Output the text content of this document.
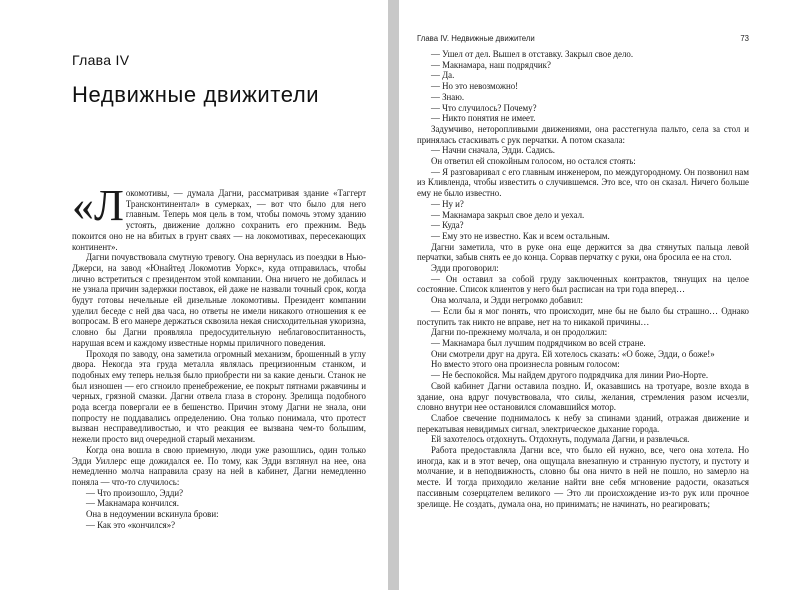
Глава IV
Недвижные движители

«Локомотивы, — думала Дагни, рассматривая здание «Таггерт Трансконтинентал» в сумерках, — вот что было для него главным. Теперь моя цель в том, чтобы помочь этому зданию устоять, движение должно сохранить его прежним. Ведь покоится оно не на вбитых в грунт сваях — на локомотивах, пересекающих континент».

Дагни почувствовала смутную тревогу. Она вернулась из поездки в Нью-Джерси, на завод «Юнайтед Локомотив Уоркс», куда отправилась, чтобы лично встретиться с президентом этой компании. Она ничего не добилась и не узнала причин задержки поставок, ей даже не назвали точный срок, когда будут готовы нечельные ей дизельные локомотивы. Президент компании уделил беседе с ней два часа, но ответы не имели никакого отношения к ее вопросам. В его манере держаться сквозила некая снисходительная укоризна, словно бы Дагни проявляла предосудительную неблаговоспитанность, нарушая всем и каждому известные нормы приличного поведения.

Проходя по заводу, она заметила огромный механизм, брошенный в углу двора. Некогда эта груда металла являлась прецизионным станком, и подобных ему теперь нельзя было приобрести ни за какие деньги. Станок не был изношен — его сгноило пренебрежение, ее покрыт пятнами ржавчины и черных, грязной смазки. Дагни отвела глаза в сторону. Зрелища подобного рода всегда повергали ее в бешенство. Причин этому Дагни не знала, они попросту не поддавались определению. Она только понимала, что протест вызван несправедливостью, и что реакция ее вызвана чем-то большим, нежели просто вид очередной старый механизм.

Когда она вошла в свою приемную, люди уже разошлись, один только Эдди Уиллерс еще дожидался ее. По тому, как Эдди взглянул на нее, она немедленно молча направила сразу на ней в кабинет, Дагни немедленно поняла — что-то случилось:

— Что произошло, Эдди?

— Макнамара кончился.

Она в недоумении вскинула брови:

— Как это «кончился»?

Глава IV. Недвижные движители	73

— Ушел от дел. Вышел в отставку. Закрыл свое дело.

— Макнамара, наш подрядчик?

— Да.

— Но это невозможно!

— Знаю.

— Что случилось? Почему?

— Никто понятия не имеет.

Задумчиво, неторопливыми движениями, она расстегнула пальто, села за стол и принялась стаскивать с рук перчатки. А потом сказала:

— Начни сначала, Эдди. Садись.

Он ответил ей спокойным голосом, но остался стоять:

— Я разговаривал с его главным инженером, по междугородному. Он позвонил нам из Кливленда, чтобы известить о случившемся. Это все, что он сказал. Ничего больше ему не было известно.

— Ну и?

— Макнамара закрыл свое дело и уехал.

— Куда?

— Ему это не известно. Как и всем остальным.

Дагни заметила, что в руке она еще держится за два стянутых пальца левой перчатки, забыв снять ее до конца. Сорвав перчатку с руки, она бросила ее на стол.

Эдди проговорил:

— Он оставил за собой груду заключенных контрактов, тянущих на целое состояние. Список клиентов у него был расписан на три года вперед…

Она молчала, и Эдди негромко добавил:

— Если бы я мог понять, что происходит, мне бы не было бы страшно… Однако поступить так никто не вправе, нет на то никакой причины…

Дагни по-прежнему молчала, и он продолжил:

— Макнамара был лучшим подрядчиком во всей стране.

Они смотрели друг на друга. Ей хотелось сказать: «О боже, Эдди, о боже!»

Но вместо этого она произнесла ровным голосом:

— Не беспокойся. Мы найдем другого подрядчика для линии Рио-Норте.

Свой кабинет Дагни оставила поздно. И, оказавшись на тротуаре, возле входа в здание, она вдруг почувствовала, что силы, желания, стремления разом исчезли, словно внутри нее остановился сломавшийся мотор.

Слабое свечение поднималось к небу за спинами зданий, отражая движение и перекатывая невидимых сигнал, электрическое дыхание города.

Ей захотелось отдохнуть. Отдохнуть, подумала Дагни, и развлечься.

Работа предоставляла Дагни все, что было ей нужно, все, чего она хотела. Но иногда, как и в этот вечер, она ощущала внезапную и странную пустоту, и пустоту и молчание, и в неподвижность, словно бы она ничто в ней не пошло, но замерло на месте. И тогда приходило желание найти вне себя мгновение радости, оказаться пассивным созерцателем великого — Это ли происхождение из-то рук или прочное зрелище. Не создать, думала она, но принимать; не начинать, но реагировать;
